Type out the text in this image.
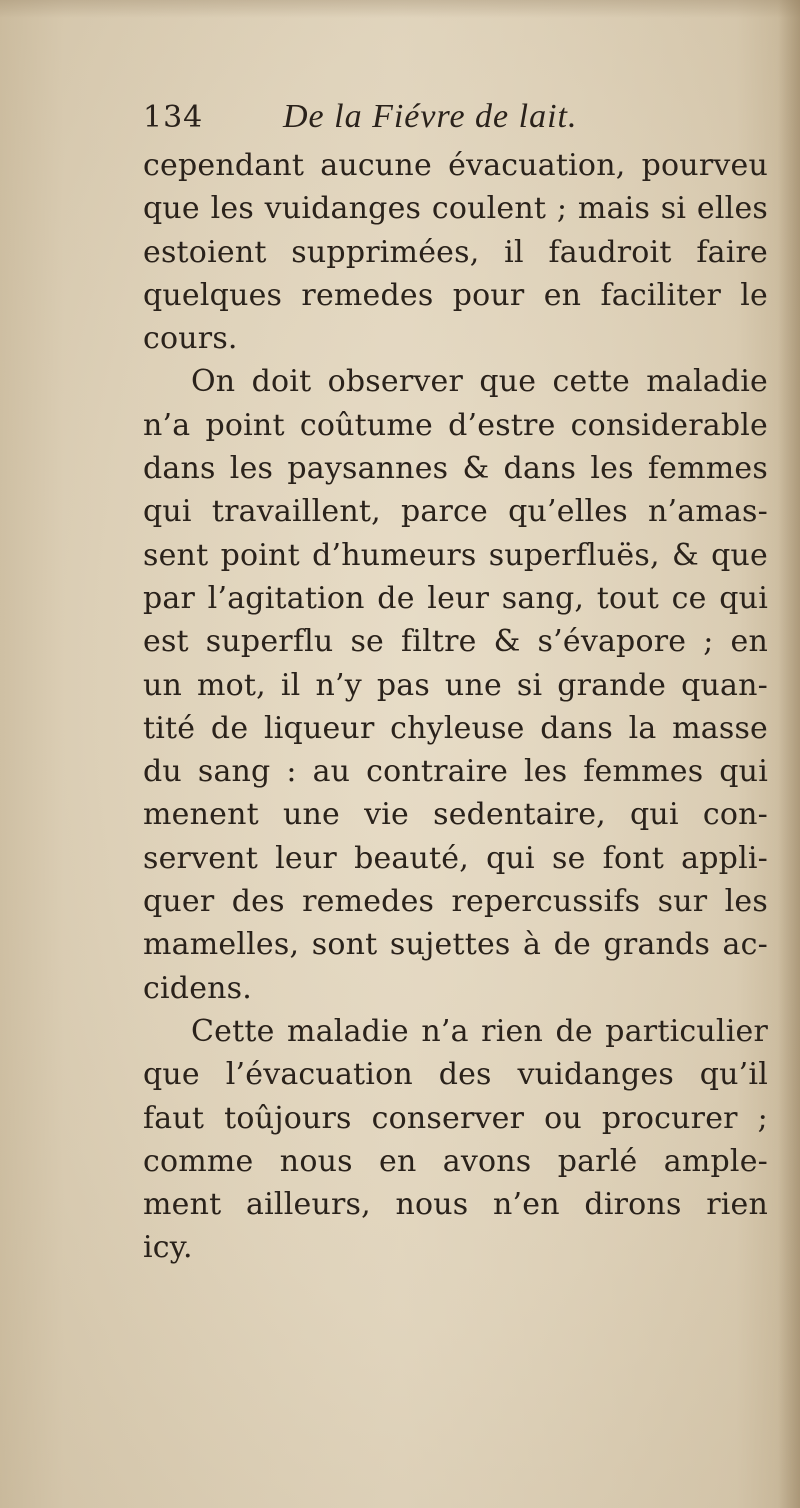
134	De la Fiévre de lait.
cependant aucune évacuation, pourveu
que les vuidanges coulent ; mais si elles
estoient supprimées, il faudroit faire
quelques remedes pour en faciliter le
cours.
On doit observer que cette maladie
n’a point coûtume d’estre considerable
dans les paysannes & dans les femmes
qui travaillent, parce qu’elles n’amas-
sent point d’humeurs superfluës, & que
par l’agitation de leur sang, tout ce qui
est superflu se filtre & s’évapore ; en
un mot, il n’y pas une si grande quan-
tité de liqueur chyleuse dans la masse
du sang : au contraire les femmes qui
menent une vie sedentaire, qui con-
servent leur beauté, qui se font appli-
quer des remedes repercussifs sur les
mamelles, sont sujettes à de grands ac-
cidens.
Cette maladie n’a rien de particulier
que l’évacuation des vuidanges qu’il
faut toûjours conserver ou procurer ;
comme nous en avons parlé ample-
ment ailleurs, nous n’en dirons rien
icy.
